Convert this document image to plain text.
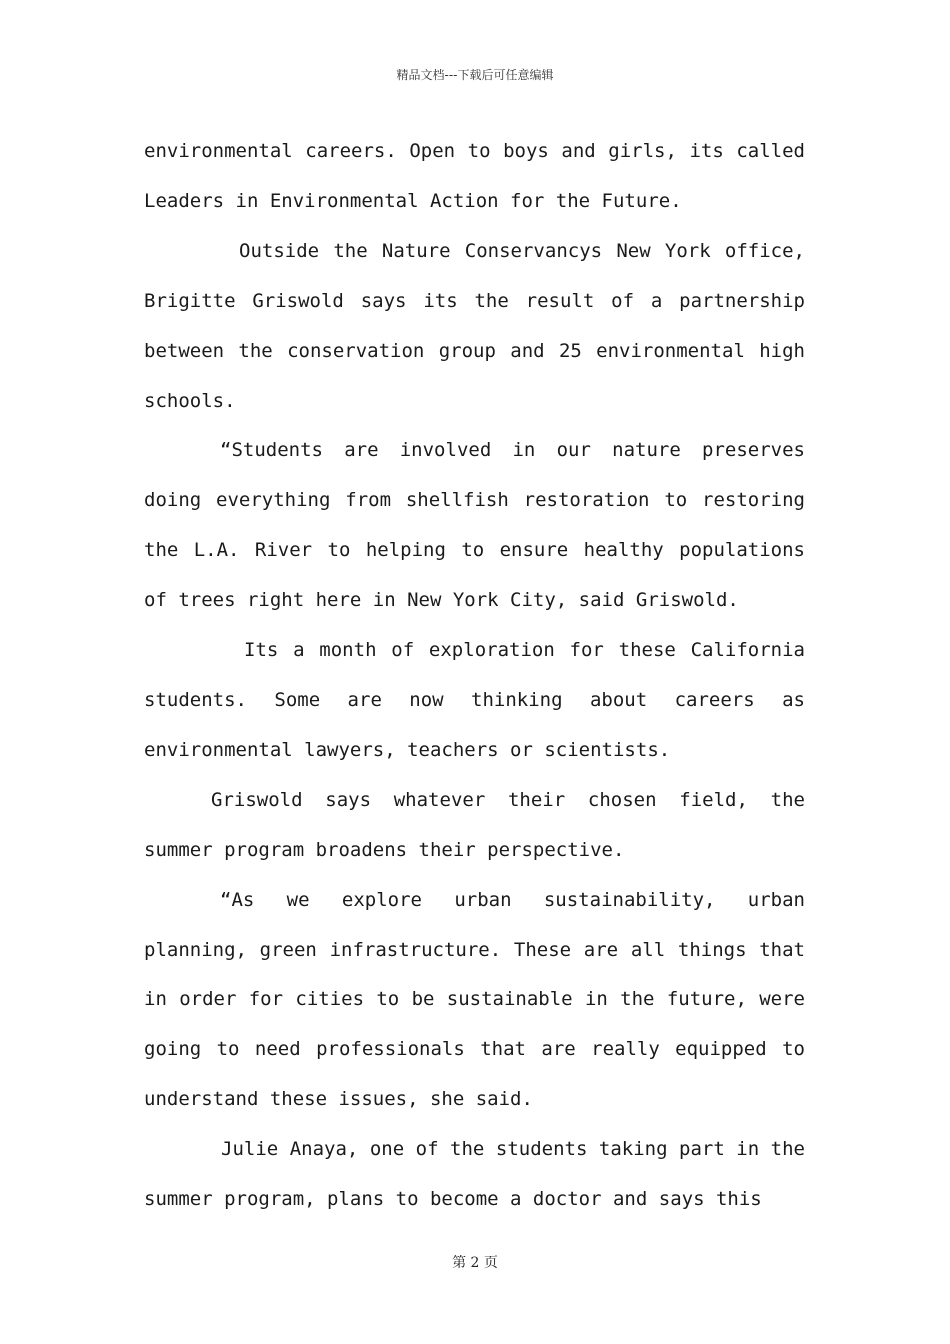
精品文档---下载后可任意编辑

environmental careers. Open to boys and girls, its called Leaders in Environmental Action for the Future.

Outside the Nature Conservancys New York office, Brigitte Griswold says its the result of a partnership between the conservation group and 25 environmental high schools.

“Students are involved in our nature preserves doing everything from shellfish restoration to restoring the L.A. River to helping to ensure healthy populations of trees right here in New York City, said Griswold.

Its a month of exploration for these California students. Some are now thinking about careers as environmental lawyers, teachers or scientists.

Griswold says whatever their chosen field, the summer program broadens their perspective.

“As we explore urban sustainability, urban planning, green infrastructure. These are all things that in order for cities to be sustainable in the future, were going to need professionals that are really equipped to understand these issues, she said.

Julie Anaya, one of the students taking part in the summer program, plans to become a doctor and says this

第 2 页
